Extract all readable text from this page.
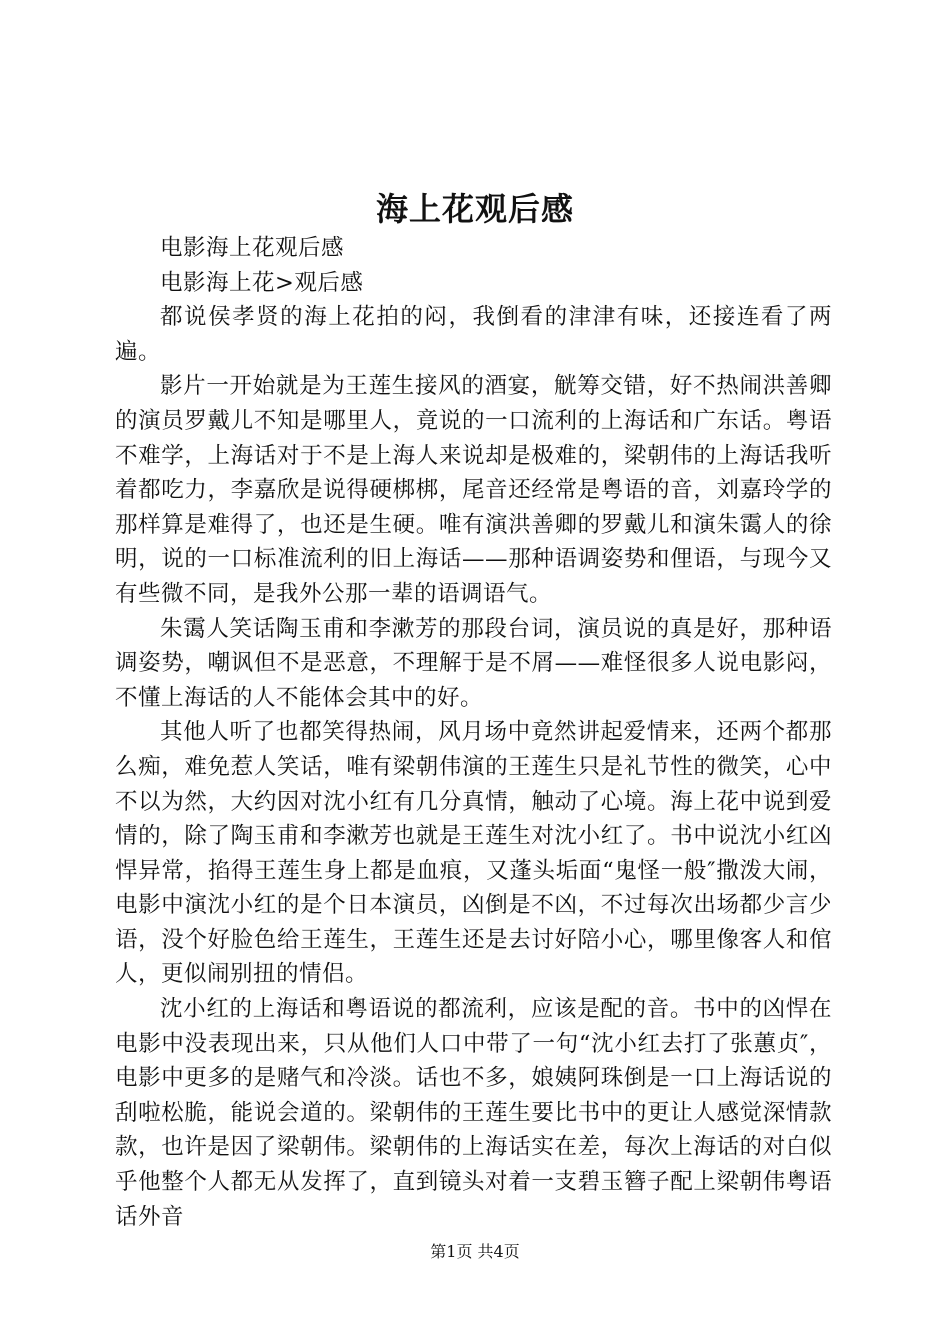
海上花观后感

电影海上花观后感

电影海上花>观后感

都说侯孝贤的海上花拍的闷，我倒看的津津有味，还接连看了两遍。

影片一开始就是为王莲生接风的酒宴，觥筹交错，好不热闹洪善卿的演员罗戴儿不知是哪里人，竟说的一口流利的上海话和广东话。粤语不难学，上海话对于不是上海人来说却是极难的，梁朝伟的上海话我听着都吃力，李嘉欣是说得硬梆梆，尾音还经常是粤语的音，刘嘉玲学的那样算是难得了，也还是生硬。唯有演洪善卿的罗戴儿和演朱霭人的徐明，说的一口标准流利的旧上海话——那种语调姿势和俚语，与现今又有些微不同，是我外公那一辈的语调语气。

朱霭人笑话陶玉甫和李漱芳的那段台词，演员说的真是好，那种语调姿势，嘲讽但不是恶意，不理解于是不屑——难怪很多人说电影闷，不懂上海话的人不能体会其中的好。

其他人听了也都笑得热闹，风月场中竟然讲起爱情来，还两个都那么痴，难免惹人笑话，唯有梁朝伟演的王莲生只是礼节性的微笑，心中不以为然，大约因对沈小红有几分真情，触动了心境。海上花中说到爱情的，除了陶玉甫和李漱芳也就是王莲生对沈小红了。书中说沈小红凶悍异常，掐得王莲生身上都是血痕，又蓬头垢面“鬼怪一般″撒泼大闹，电影中演沈小红的是个日本演员，凶倒是不凶，不过每次出场都少言少语，没个好脸色给王莲生，王莲生还是去讨好陪小心，哪里像客人和倌人，更似闹别扭的情侣。

沈小红的上海话和粤语说的都流利，应该是配的音。书中的凶悍在电影中没表现出来，只从他们人口中带了一句“沈小红去打了张蕙贞″，电影中更多的是赌气和冷淡。话也不多，娘姨阿珠倒是一口上海话说的刮啦松脆，能说会道的。梁朝伟的王莲生要比书中的更让人感觉深情款款，也许是因了梁朝伟。梁朝伟的上海话实在差，每次上海话的对白似乎他整个人都无从发挥了，直到镜头对着一支碧玉簪子配上梁朝伟粤语话外音

第1页 共4页
